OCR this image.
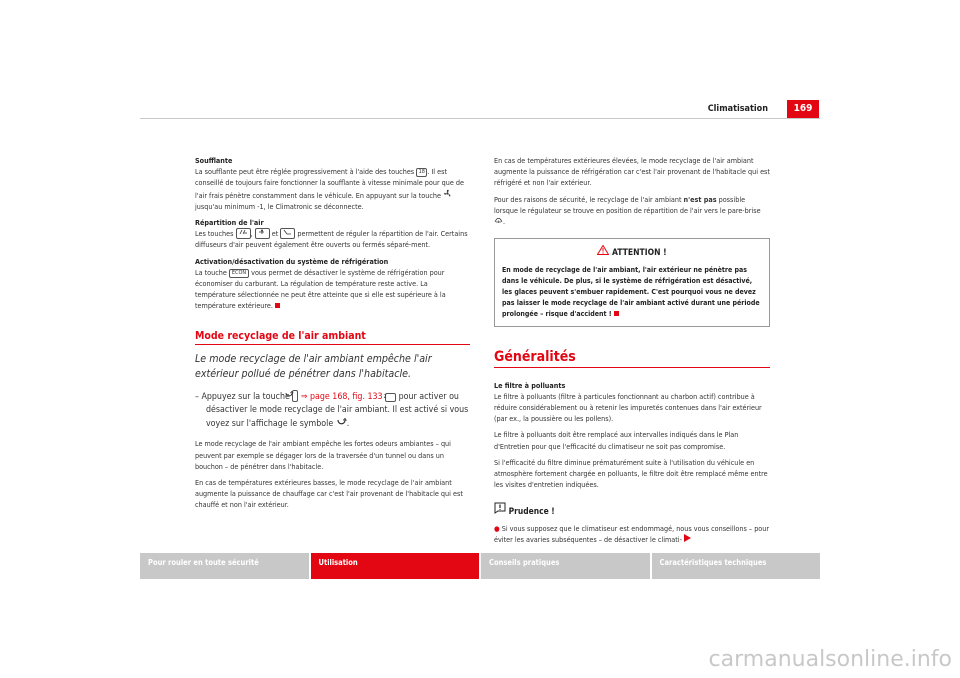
Climatisation	169
Soufflante

La soufflante peut être réglée progressivement à l'aide des touches 18 . Il est conseillé de toujours faire fonctionner la soufflante à vitesse minimale pour que de l'air frais pénètre constamment dans le véhicule. En appuyant sur la touche  jusqu'au minimum -1, le Climatronic se déconnecte.

Répartition de l'air

Les touches ,	et	permettent de réguler la répartition de l'air. Certains diffuseurs d'air peuvent également être ouverts ou fermés séparé-ment.

Activation/désactivation du système de réfrigération

La touche ECON vous permet de désactiver le système de réfrigération pour économiser du carburant. La régulation de température reste active. La température sélectionnée ne peut être atteinte que si elle est supérieure à la température extérieure.

Mode recyclage de l'air ambiant
Le mode recyclage de l'air ambiant empêche l'air extérieur pollué de pénétrer dans l'habitacle.
– Appuyez sur la touche ⇒ page 168, fig. 133 2 pour activer ou désactiver le mode recyclage de l'air ambiant. Il est activé si vous voyez sur l'affichage le symbole .

Le mode recyclage de l'air ambiant empêche les fortes odeurs ambiantes – qui peuvent par exemple se dégager lors de la traversée d'un tunnel ou dans un bouchon – de pénétrer dans l'habitacle.

En cas de températures extérieures basses, le mode recyclage de l'air ambiant augmente la puissance de chauffage car c'est l'air provenant de l'habitacle qui est chauffé et non l'air extérieur.

En cas de températures extérieures élevées, le mode recyclage de l'air ambiant augmente la puissance de réfrigération car c'est l'air provenant de l'habitacle qui est réfrigéré et non l'air extérieur.

Pour des raisons de sécurité, le recyclage de l'air ambiant n'est pas possible lorsque le régulateur se trouve en position de répartition de l'air vers le pare-brise .

ATTENTION !
En mode de recyclage de l'air ambiant, l'air extérieur ne pénètre pas dans le véhicule. De plus, si le système de réfrigération est désactivé, les glaces peuvent s'embuer rapidement. C'est pourquoi vous ne devez pas laisser le mode recyclage de l'air ambiant activé durant une période prolongée – risque d'accident !
Généralités
Le filtre à polluants

Le filtre à polluants (filtre à particules fonctionnant au charbon actif) contribue à réduire considérablement ou à retenir les impuretés contenues dans l'air extérieur (par ex., la poussière ou les pollens).

Le filtre à polluants doit être remplacé aux intervalles indiqués dans le Plan d'Entretien pour que l'efficacité du climatiseur ne soit pas compromise.

Si l'efficacité du filtre diminue prématurément suite à l'utilisation du véhicule en atmosphère fortement chargée en polluants, le filtre doit être remplacé même entre les visites d'entretien indiquées.

Prudence !

● Si vous supposez que le climatiseur est endommagé, nous vous conseillons – pour éviter les avaries subséquentes – de désactiver le climati-

Pour rouler en toute sécurité	Utilisation	Conseils pratiques	Caractéristiques techniques
carmanualsonline.info
